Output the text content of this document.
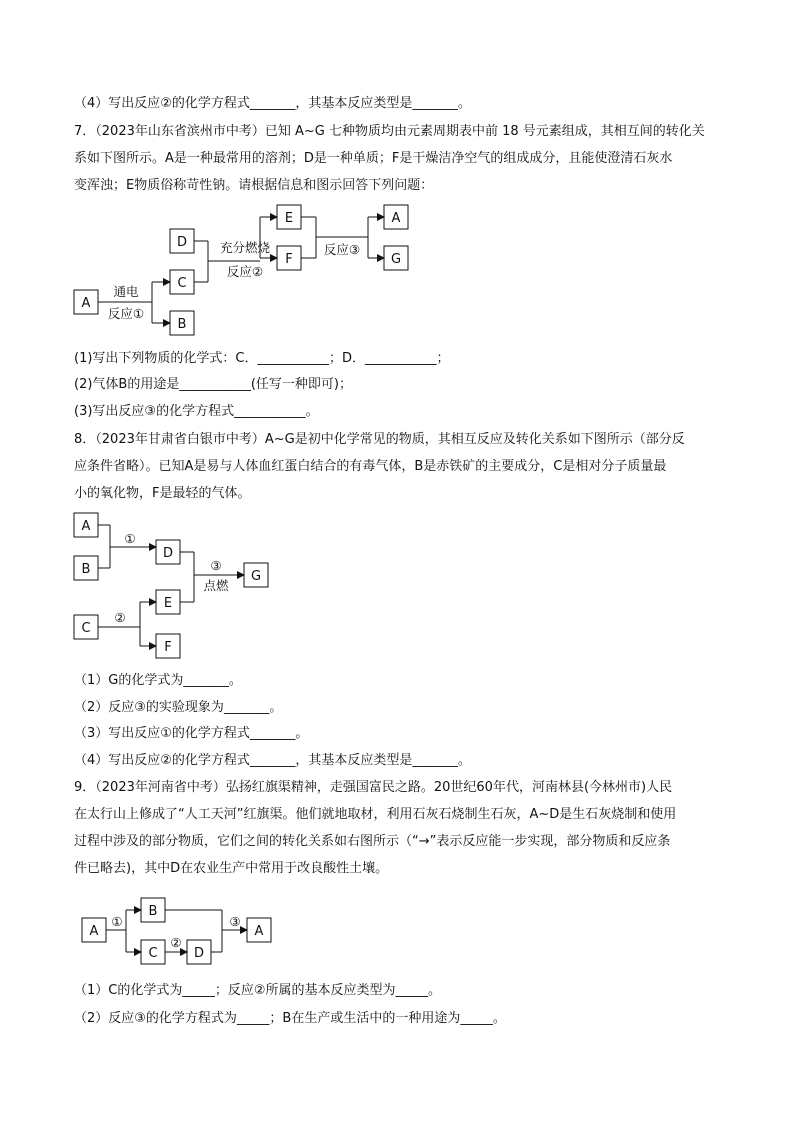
（4）写出反应②的化学方程式_______，其基本反应类型是_______。
7．（2023年山东省滨州市中考）已知 A~G 七种物质均由元素周期表中前 18 号元素组成，其相互间的转化关
系如下图所示。A是一种最常用的溶剂；D是一种单质；F是干燥洁净空气的组成成分，且能使澄清石灰水
变浑浊；E物质俗称苛性钠。请根据信息和图示回答下列问题：
A
B
C
D
E
F
A
G
通电
反应①
充分燃烧
反应②
反应③
(1)写出下列物质的化学式：C．___________；D．___________；
(2)气体B的用途是___________(任写一种即可)；
(3)写出反应③的化学方程式___________。
8．（2023年甘肃省白银市中考）A~G是初中化学常见的物质，其相互反应及转化关系如下图所示（部分反
应条件省略）。已知A是易与人体血红蛋白结合的有毒气体，B是赤铁矿的主要成分，C是相对分子质量最
小的氧化物，F是最轻的气体。
A
B
D
G
C
E
F
①
③
点燃
②
（1）G的化学式为_______。
（2）反应③的实验现象为_______。
（3）写出反应①的化学方程式_______。
（4）写出反应②的化学方程式_______，其基本反应类型是_______。
9．（2023年河南省中考）弘扬红旗渠精神，走强国富民之路。20世纪60年代，河南林县(今林州市)人民
在太行山上修成了“人工天河”红旗渠。他们就地取材，利用石灰石烧制生石灰，A~D是生石灰烧制和使用
过程中涉及的部分物质，它们之间的转化关系如右图所示（“→”表示反应能一步实现，部分物质和反应条
件已略去)，其中D在农业生产中常用于改良酸性土壤。
A
B
C	D
A
①
②
③
（1）C的化学式为_____；反应②所属的基本反应类型为_____。
（2）反应③的化学方程式为_____；B在生产或生活中的一种用途为_____。
